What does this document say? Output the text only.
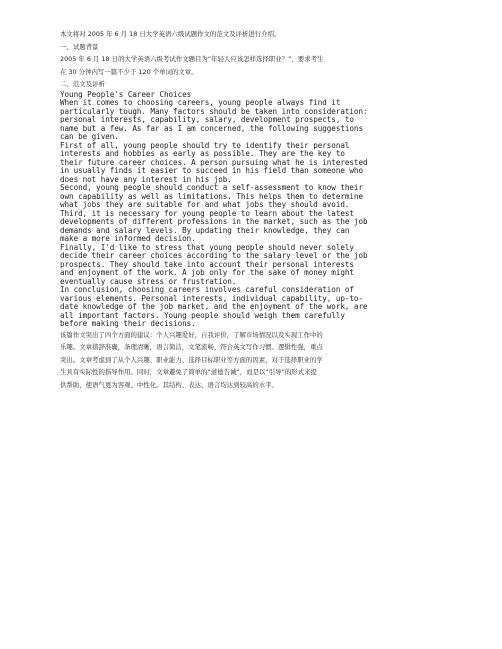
本文将对 2005 年 6 月 18 日大学英语六级试题作文的范文及评析进行介绍。
一、试题背景
2005 年 6 月 18 日的大学英语六级考试作文题目为“年轻人应该怎样选择职业？”，要求考生
在 30 分钟内写一篇不少于 120 个单词的文章。
二、范文及评析
Young People's Career Choices
When it comes to choosing careers, young people always find it
particularly tough. Many factors should be taken into consideration:
personal interests, capability, salary, development prospects, to
name but a few. As far as I am concerned, the following suggestions
can be given.
First of all, young people should try to identify their personal
interests and hobbies as early as possible. They are the key to
their future career choices. A person pursuing what he is interested
in usually finds it easier to succeed in his field than someone who
does not have any interest in his job.
Second, young people should conduct a self-assessment to know their
own capability as well as limitations. This helps them to determine
what jobs they are suitable for and what jobs they should avoid.
Third, it is necessary for young people to learn about the latest
developments of different professions in the market, such as the job
demands and salary levels. By updating their knowledge, they can
make a more informed decision.
Finally, I'd like to stress that young people should never solely
decide their career choices according to the salary level or the job
prospects. They should take into account their personal interests
and enjoyment of the work. A job only for the sake of money might
eventually cause stress or frustration.
In conclusion, choosing careers involves careful consideration of
various elements. Personal interests, individual capability, up-to-
date knowledge of the job market, and the enjoyment of the work, are
all important factors. Young people should weigh them carefully
before making their decisions.
该篇作文突出了四个方面的建议：个人兴趣爱好，自我评价，了解市场情况以及实现工作中的
乐趣。文章措辞准确，条理清晰，语言简洁，文笔流畅，符合英文写作习惯。逻辑性强，重点
突出。文章考虑到了从个人兴趣、职业能力、选择目标职业等方面的因素，对于选择职业的学
生具有实际性的指导作用。同时，文章避免了简单的“道德告诫”，而是以“引导”的形式来提
供帮助，使语气更为客观、中性化。其结构、表达、语言均达到较高的水平。
